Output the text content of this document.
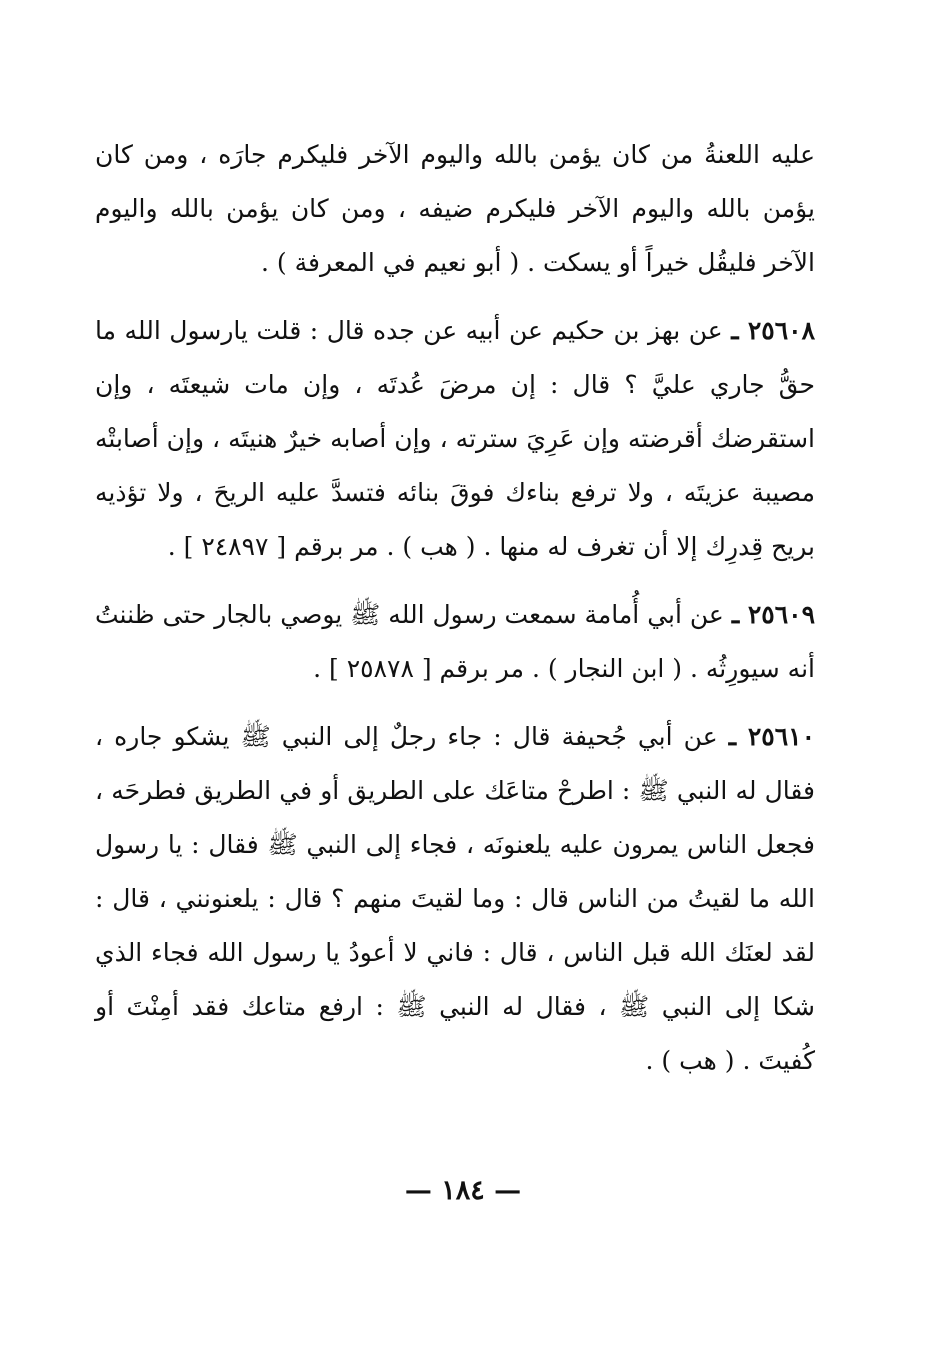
عليه اللعنةُ من كان يؤمن بالله واليوم الآخر فليكرم جارَه ، ومن كان يؤمن بالله واليوم الآخر فليكرم ضيفه ، ومن كان يؤمن بالله واليوم الآخر فليقُل خيراً أو يسكت . ( أبو نعيم في المعرفة ) .

٢٥٦٠٨ ـ عن بهز بن حكيم عن أبيه عن جده قال : قلت يارسول الله ما حقُّ جاري عليَّ ؟ قال : إن مرضَ عُدتَه ، وإن مات شيعتَه ، وإن استقرضك أقرضته وإن عَرِيَ سترته ، وإن أصابه خيرٌ هنيتَه ، وإن أصابتْه مصيبة عزيتَه ، ولا ترفع بناءك فوقَ بنائه فتسدَّ عليه الريحَ ، ولا تؤذيه بريح قِدرِك إلا أن تغرف له منها . ( هب ) . مر برقم [ ٢٤٨٩٧ ] .

٢٥٦٠٩ ـ عن أبي أُمامة سمعت رسول الله ﷺ يوصي بالجار حتى ظننتُ أنه سيورِثُه . ( ابن النجار ) . مر برقم [ ٢٥٨٧٨ ] .

٢٥٦١٠ ـ عن أبي جُحيفة قال : جاء رجلٌ إلى النبي ﷺ يشكو جاره ، فقال له النبي ﷺ : اطرحْ متاعَك على الطريق أو في الطريق فطرحَه ، فجعل الناس يمرون عليه يلعنونَه ، فجاء إلى النبي ﷺ فقال : يا رسول الله ما لقيتُ من الناس قال : وما لقيتَ منهم ؟ قال : يلعنونني ، قال : لقد لعنَك الله قبل الناس ، قال : فاني لا أعودُ يا رسول الله فجاء الذي شكا إلى النبي ﷺ ، فقال له النبي ﷺ : ارفع متاعك فقد أمِنْتَ أو كُفيتَ . ( هب ) .

— ١٨٤ —
